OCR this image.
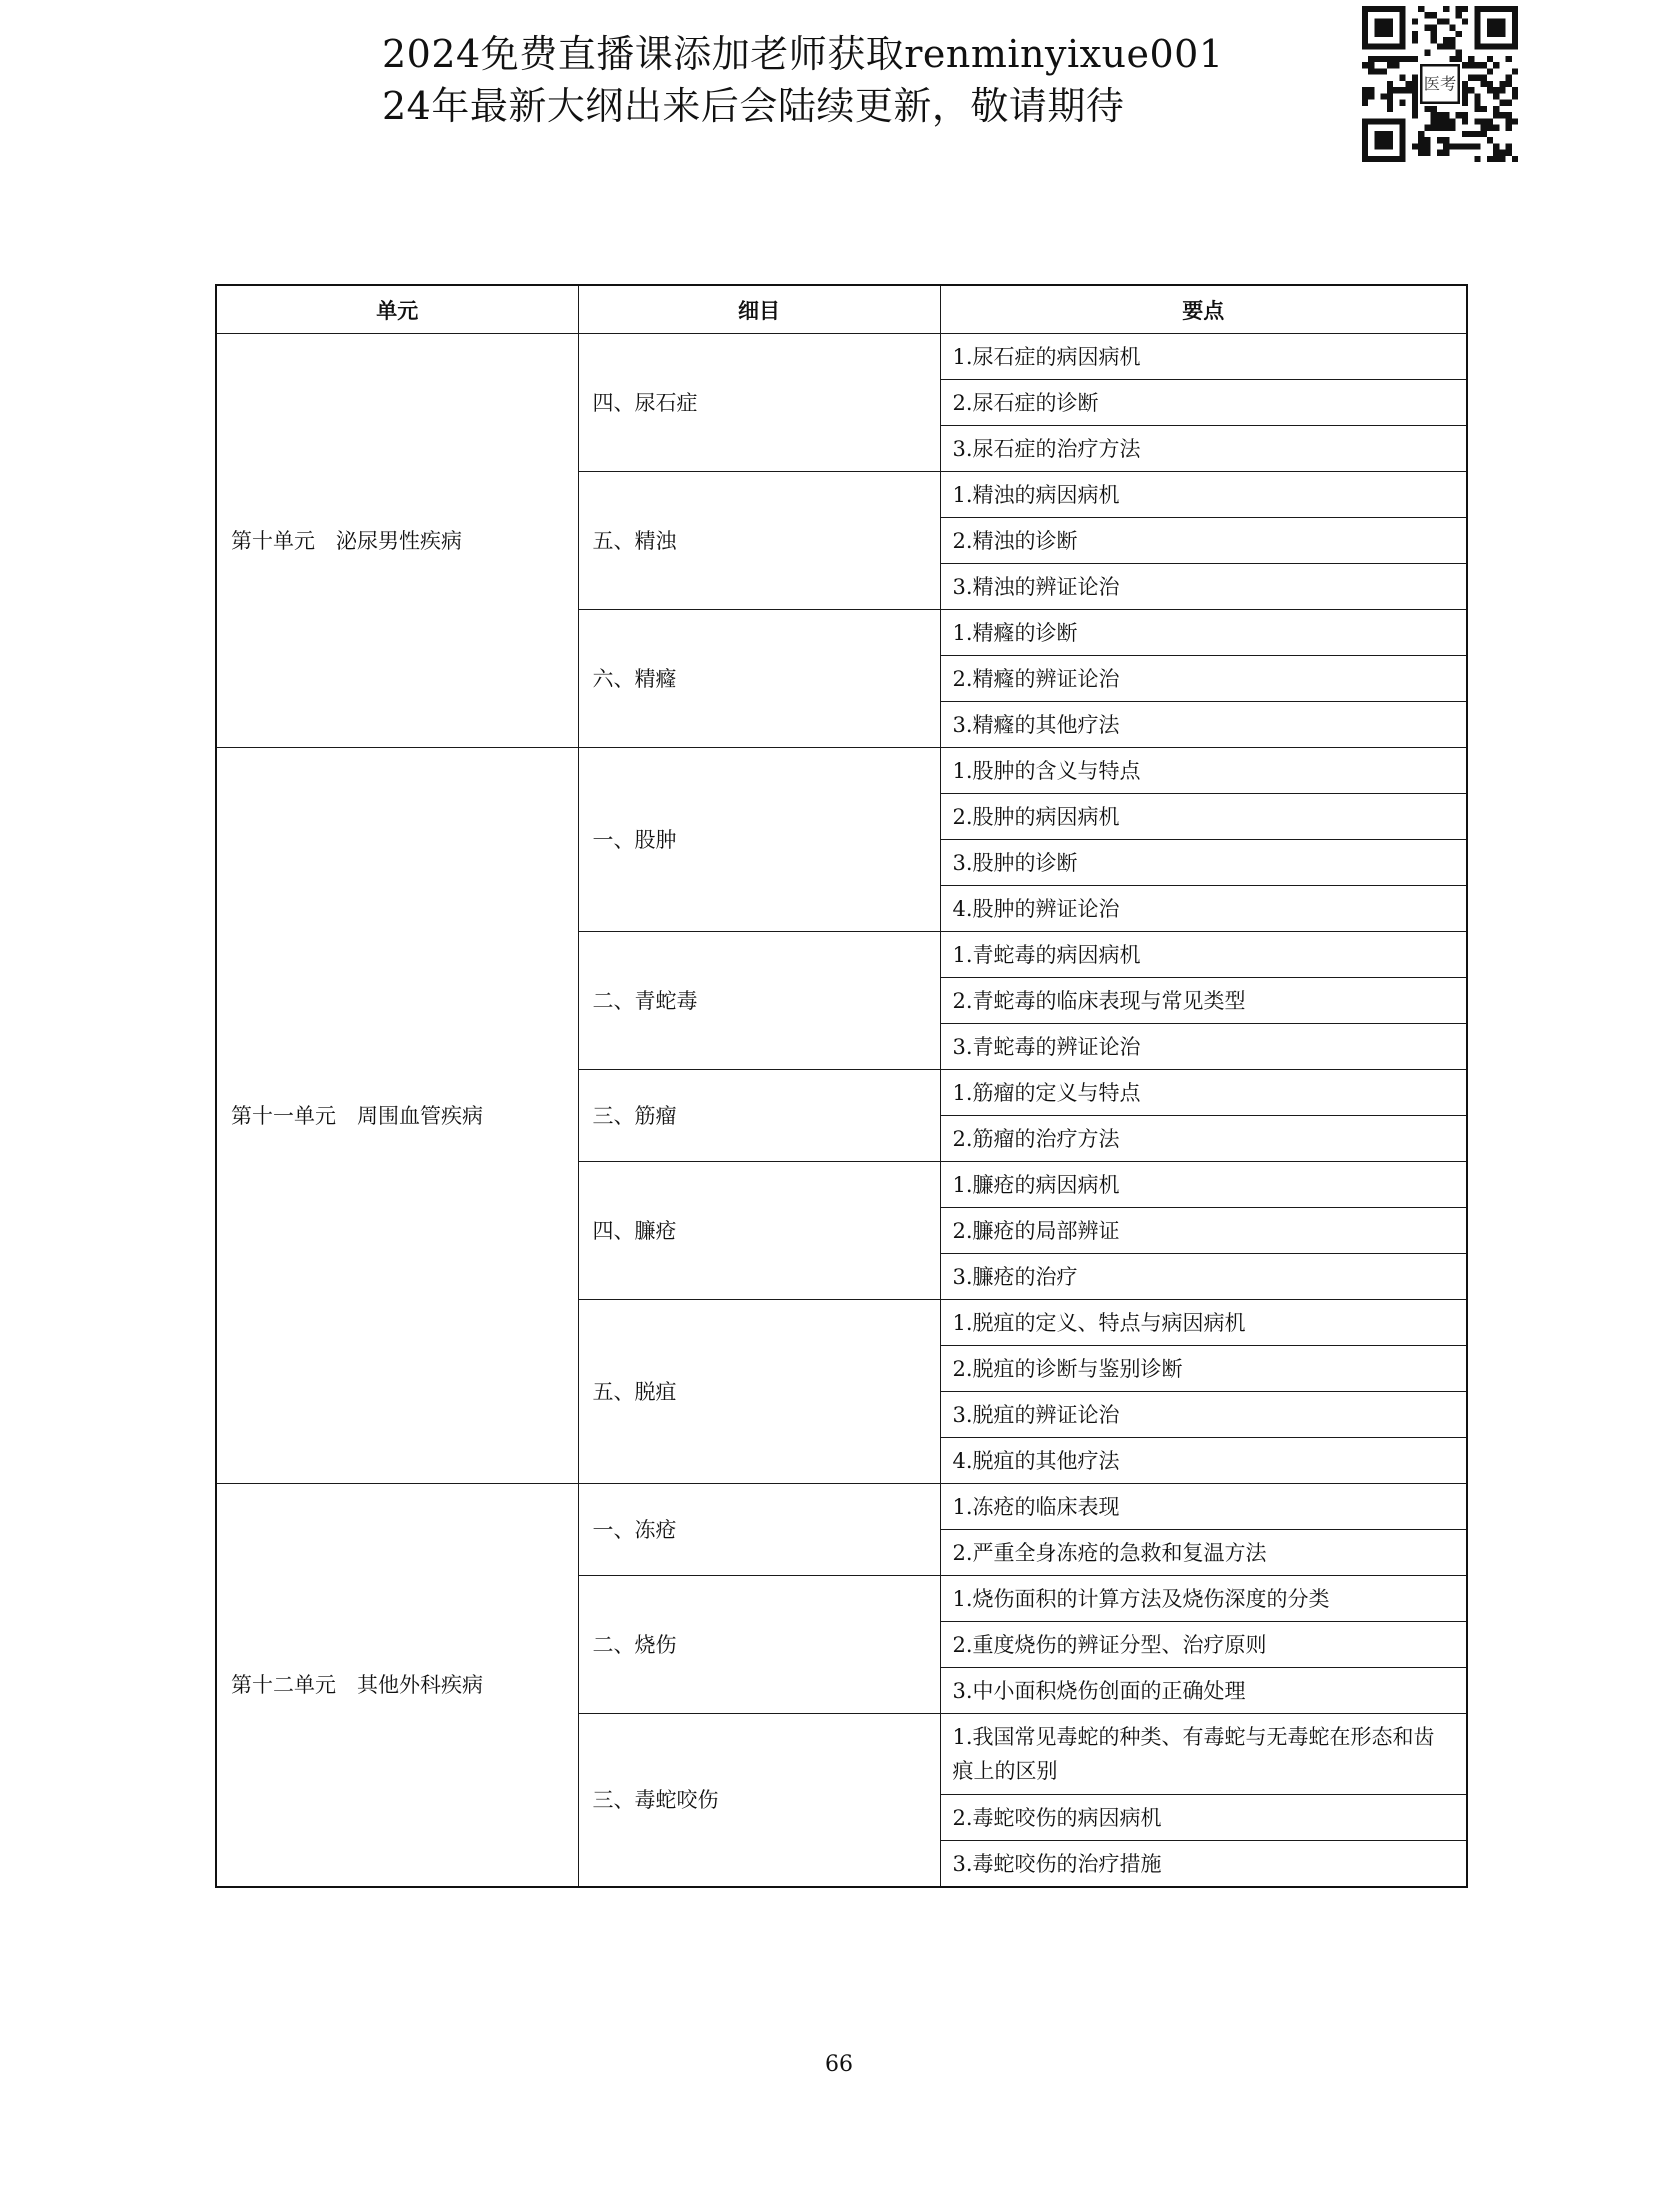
2024免费直播课添加老师获取renminyixue001
24年最新大纲出来后会陆续更新，敬请期待	医考
单元	细目	要点
第十单元　泌尿男性疾病	四、尿石症	1.尿石症的病因病机
		2.尿石症的诊断
		3.尿石症的治疗方法
	五、精浊	1.精浊的病因病机
		2.精浊的诊断
		3.精浊的辨证论治
	六、精癃	1.精癃的诊断
		2.精癃的辨证论治
		3.精癃的其他疗法
第十一单元　周围血管疾病	一、股肿	1.股肿的含义与特点
		2.股肿的病因病机
		3.股肿的诊断
		4.股肿的辨证论治
	二、青蛇毒	1.青蛇毒的病因病机
		2.青蛇毒的临床表现与常见类型
		3.青蛇毒的辨证论治
	三、筋瘤	1.筋瘤的定义与特点
		2.筋瘤的治疗方法
	四、臁疮	1.臁疮的病因病机
		2.臁疮的局部辨证
		3.臁疮的治疗
	五、脱疽	1.脱疽的定义、特点与病因病机
		2.脱疽的诊断与鉴别诊断
		3.脱疽的辨证论治
		4.脱疽的其他疗法
第十二单元　其他外科疾病	一、冻疮	1.冻疮的临床表现
		2.严重全身冻疮的急救和复温方法
	二、烧伤	1.烧伤面积的计算方法及烧伤深度的分类
		2.重度烧伤的辨证分型、治疗原则
		3.中小面积烧伤创面的正确处理
	三、毒蛇咬伤	1.我国常见毒蛇的种类、有毒蛇与无毒蛇在形态和齿痕上的区别
		2.毒蛇咬伤的病因病机
		3.毒蛇咬伤的治疗措施
66
